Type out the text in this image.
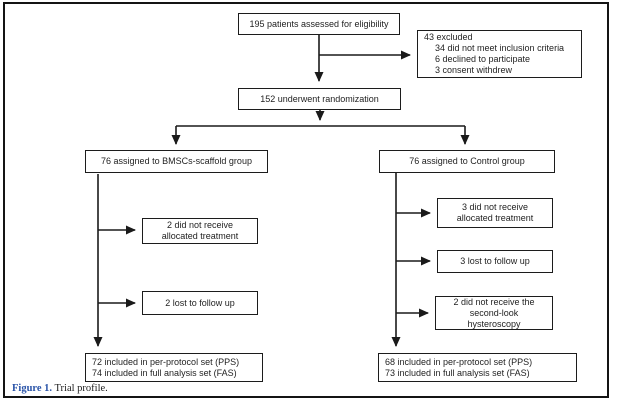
195 patients assessed for eligibility
43 excluded
34 did not meet inclusion criteria
6 declined to participate
3 consent withdrew
152 underwent randomization
76 assigned to BMSCs-scaffold group	76 assigned to Control group
2 did not receive
allocated treatment
2 lost to follow up
3 did not receive
allocated treatment
3 lost to follow up
2 did not receive the
second-look
hysteroscopy
72 included in per-protocol set (PPS)
74 included in full analysis set (FAS)
68 included in per-protocol set (PPS)
73 included in full analysis set (FAS)
Figure 1. Trial profile.
